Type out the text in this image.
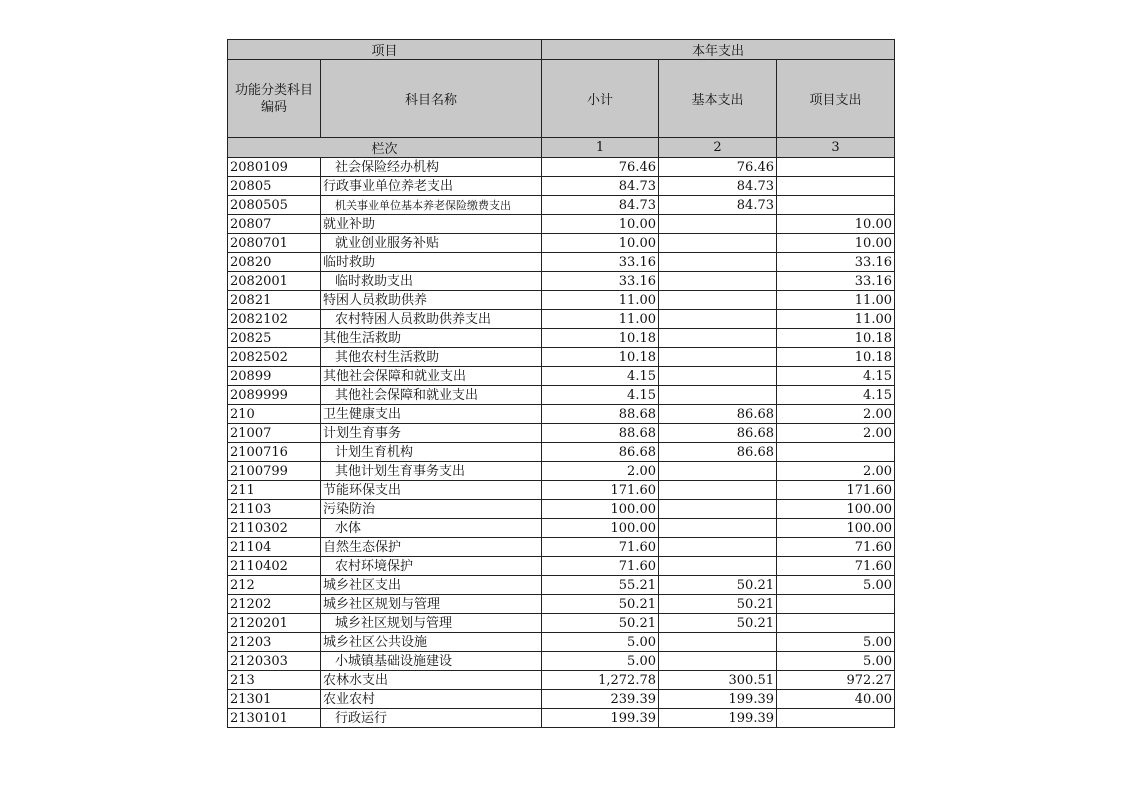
项目		本年支出		
功能分类科目编码	科目名称	小计	基本支出	项目支出
栏次		1	2	3
2080109	社会保险经办机构	76.46	76.46	
20805	行政事业单位养老支出	84.73	84.73	
2080505	机关事业单位基本养老保险缴费支出	84.73	84.73	
20807	就业补助	10.00		10.00
2080701	就业创业服务补贴	10.00		10.00
20820	临时救助	33.16		33.16
2082001	临时救助支出	33.16		33.16
20821	特困人员救助供养	11.00		11.00
2082102	农村特困人员救助供养支出	11.00		11.00
20825	其他生活救助	10.18		10.18
2082502	其他农村生活救助	10.18		10.18
20899	其他社会保障和就业支出	4.15		4.15
2089999	其他社会保障和就业支出	4.15		4.15
210	卫生健康支出	88.68	86.68	2.00
21007	计划生育事务	88.68	86.68	2.00
2100716	计划生育机构	86.68	86.68	
2100799	其他计划生育事务支出	2.00		2.00
211	节能环保支出	171.60		171.60
21103	污染防治	100.00		100.00
2110302	水体	100.00		100.00
21104	自然生态保护	71.60		71.60
2110402	农村环境保护	71.60		71.60
212	城乡社区支出	55.21	50.21	5.00
21202	城乡社区规划与管理	50.21	50.21	
2120201	城乡社区规划与管理	50.21	50.21	
21203	城乡社区公共设施	5.00		5.00
2120303	小城镇基础设施建设	5.00		5.00
213	农林水支出	1,272.78	300.51	972.27
21301	农业农村	239.39	199.39	40.00
2130101	行政运行	199.39	199.39	
